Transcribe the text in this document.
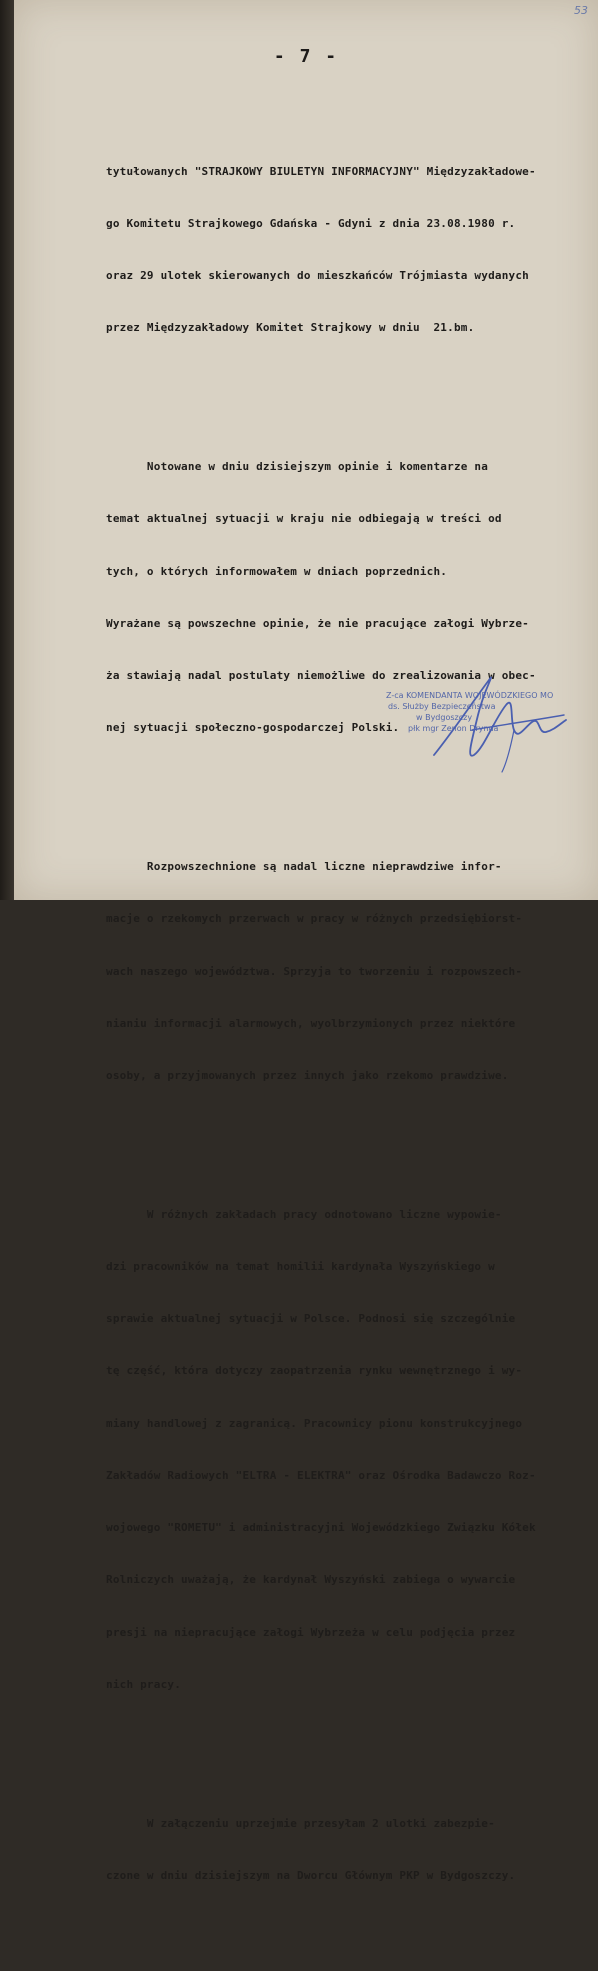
53
- 7 -

tytułowanych "STRAJKOWY BIULETYN INFORMACYJNY" Międzyzakładowe-

go Komitetu Strajkowego Gdańska - Gdyni z dnia 23.08.1980 r.

oraz 29 ulotek skierowanych do mieszkańców Trójmiasta wydanych

przez Międzyzakładowy Komitet Strajkowy w dniu  21.bm.

Notowane w dniu dzisiejszym opinie i komentarze na

temat aktualnej sytuacji w kraju nie odbiegają w treści od

tych, o których informowałem w dniach poprzednich.

Wyrażane są powszechne opinie, że nie pracujące załogi Wybrze-

ża stawiają nadal postulaty niemożliwe do zrealizowania w obec-

nej sytuacji społeczno-gospodarczej Polski.

Rozpowszechnione są nadal liczne nieprawdziwe infor-

macje o rzekomych przerwach w pracy w różnych przedsiębiorst-

wach naszego województwa. Sprzyja to tworzeniu i rozpowszech-

nianiu informacji alarmowych, wyolbrzymionych przez niektóre

osoby, a przyjmowanych przez innych jako rzekomo prawdziwe.

W różnych zakładach pracy odnotowano liczne wypowie-

dzi pracowników na temat homilii kardynała Wyszyńskiego w

sprawie aktualnej sytuacji w Polsce. Podnosi się szczególnie

tę część, która dotyczy zaopatrzenia rynku wewnętrznego i wy-

miany handlowej z zagranicą. Pracownicy pionu konstrukcyjnego

Zakładów Radiowych "ELTRA - ELEKTRA" oraz Ośrodka Badawczo Roz-

wojowego "ROMETU" i administracyjni Wojewódzkiego Związku Kółek

Rolniczych uważają, że kardynał Wyszyński zabiega o wywarcie

presji na niepracujące załogi Wybrzeża w celu podjęcia przez

nich pracy.

W załączeniu uprzejmie przesyłam 2 ulotki zabezpie-

czone w dniu dzisiejszym na Dworcu Głównym PKP w Bydgoszczy.

Z-ca KOMENDANTA WOJEWÓDZKIEGO MO
ds. Służby Bezpieczeństwa
w Bydgoszczy
płk mgr Zenon Drynda
